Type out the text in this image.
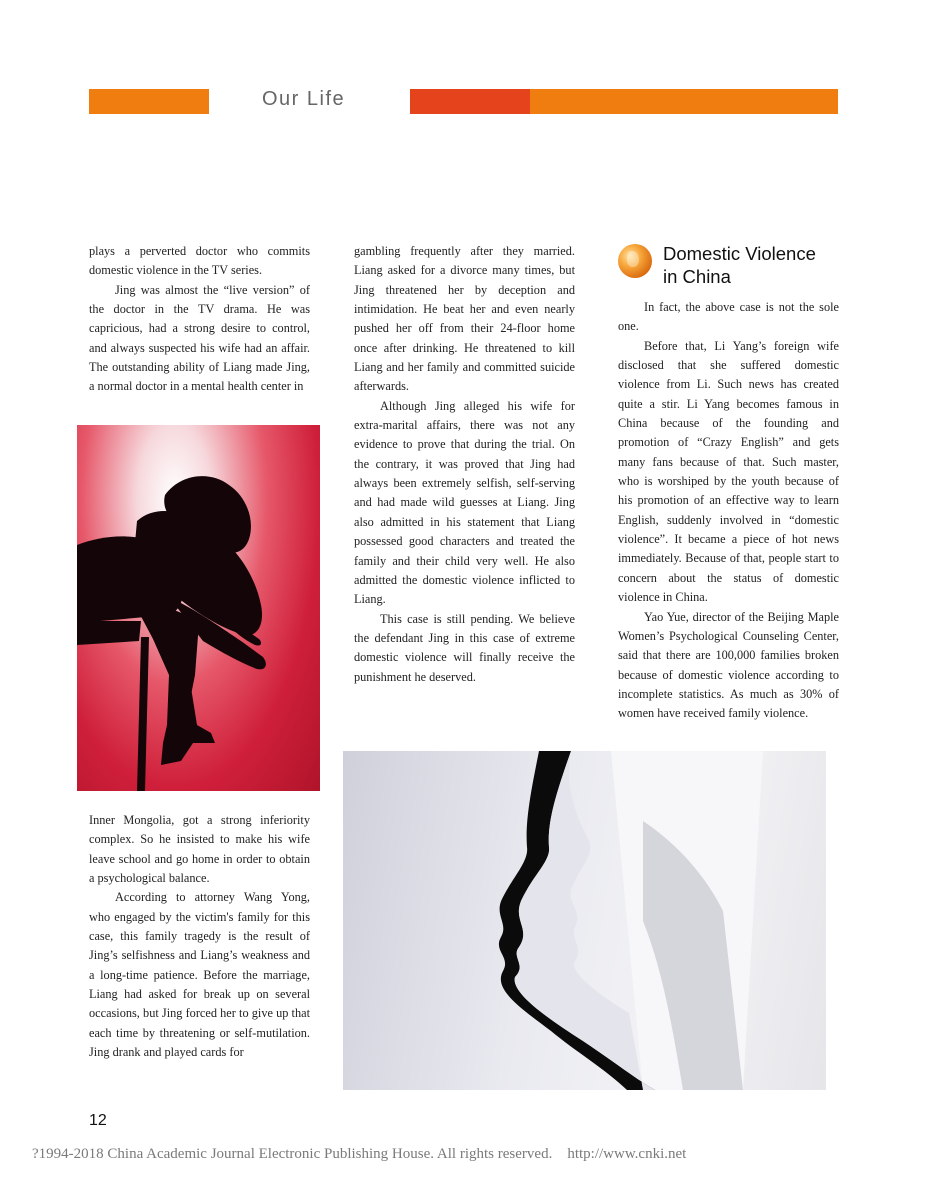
Our Life

plays a perverted doctor who commits domestic violence in the TV series.

Jing was almost the “live version” of the doctor in the TV drama. He was capricious, had a strong desire to control, and always suspected his wife had an affair. The outstanding ability of Liang made Jing, a normal doctor in a mental health center in

Inner Mongolia, got a strong inferiority complex. So he insisted to make his wife leave school and go home in order to obtain a psychological balance.

According to attorney Wang Yong, who engaged by the victim's family for this case, this family tragedy is the result of Jing’s selfishness and Liang’s weakness and a long-time patience. Before the marriage, Liang had asked for break up on several occasions, but Jing forced her to give up that each time by threatening or self-mutilation. Jing drank and played cards for

gambling frequently after they married. Liang asked for a divorce many times, but Jing threatened her by deception and intimidation. He beat her and even nearly pushed her off from their 24-floor home once after drinking. He threatened to kill Liang and her family and committed suicide afterwards.

Although Jing alleged his wife for extra-marital affairs, there was not any evidence to prove that during the trial. On the contrary, it was proved that Jing had always been extremely selfish, self-serving and had made wild guesses at Liang. Jing also admitted in his statement that Liang possessed good characters and treated the family and their child very well. He also admitted the domestic violence inflicted to Liang.

This case is still pending. We believe the defendant Jing in this case of extreme domestic violence will finally receive the punishment he deserved.

Domestic Violence
in China

In fact, the above case is not the sole one.

Before that, Li Yang’s foreign wife disclosed that she suffered domestic violence from Li. Such news has created quite a stir. Li Yang becomes famous in China because of the founding and promotion of “Crazy English” and gets many fans because of that. Such master, who is worshiped by the youth because of his promotion of an effective way to learn English, suddenly involved in “domestic violence”. It became a piece of hot news immediately. Because of that, people start to concern about the status of domestic violence in China.

Yao Yue, director of the Beijing Maple Women’s Psychological Counseling Center, said that there are 100,000 families broken because of domestic violence according to incomplete statistics. As much as 30% of women have received family violence.

12
?1994-2018 China Academic Journal Electronic Publishing House. All rights reserved. http://www.cnki.net
